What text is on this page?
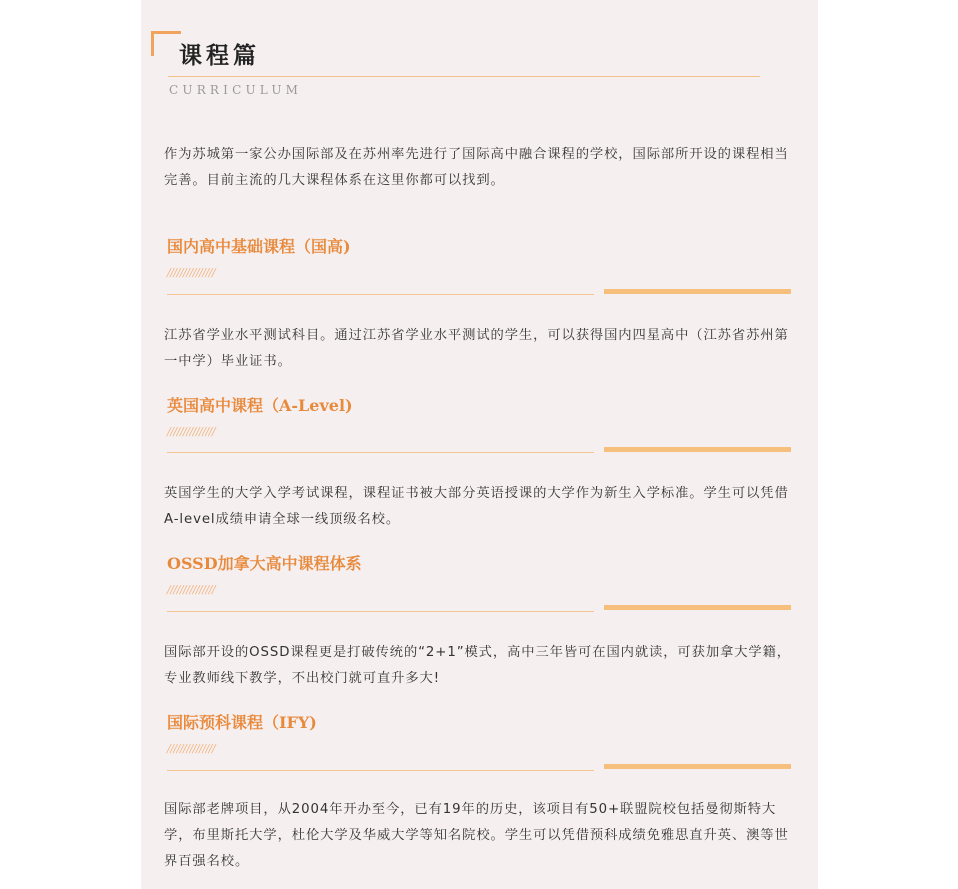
课程篇
CURRICULUM

作为苏城第一家公办国际部及在苏州率先进行了国际高中融合课程的学校，国际部所开设的课程相当完善。目前主流的几大课程体系在这里你都可以找到。

国内高中基础课程（国高)
///////////////

江苏省学业水平测试科目。通过江苏省学业水平测试的学生，可以获得国内四星高中（江苏省苏州第一中学）毕业证书。

英国高中课程（A-Level)
///////////////

英国学生的大学入学考试课程，课程证书被大部分英语授课的大学作为新生入学标准。学生可以凭借A-level成绩申请全球一线顶级名校。

OSSD加拿大高中课程体系
///////////////

国际部开设的OSSD课程更是打破传统的“2+1”模式，高中三年皆可在国内就读，可获加拿大学籍，专业教师线下教学，不出校门就可直升多大!

国际预科课程（IFY)
///////////////

国际部老牌项目，从2004年开办至今，已有19年的历史，该项目有50+联盟院校包括曼彻斯特大学，布里斯托大学，杜伦大学及华威大学等知名院校。学生可以凭借预科成绩免雅思直升英、澳等世界百强名校。
